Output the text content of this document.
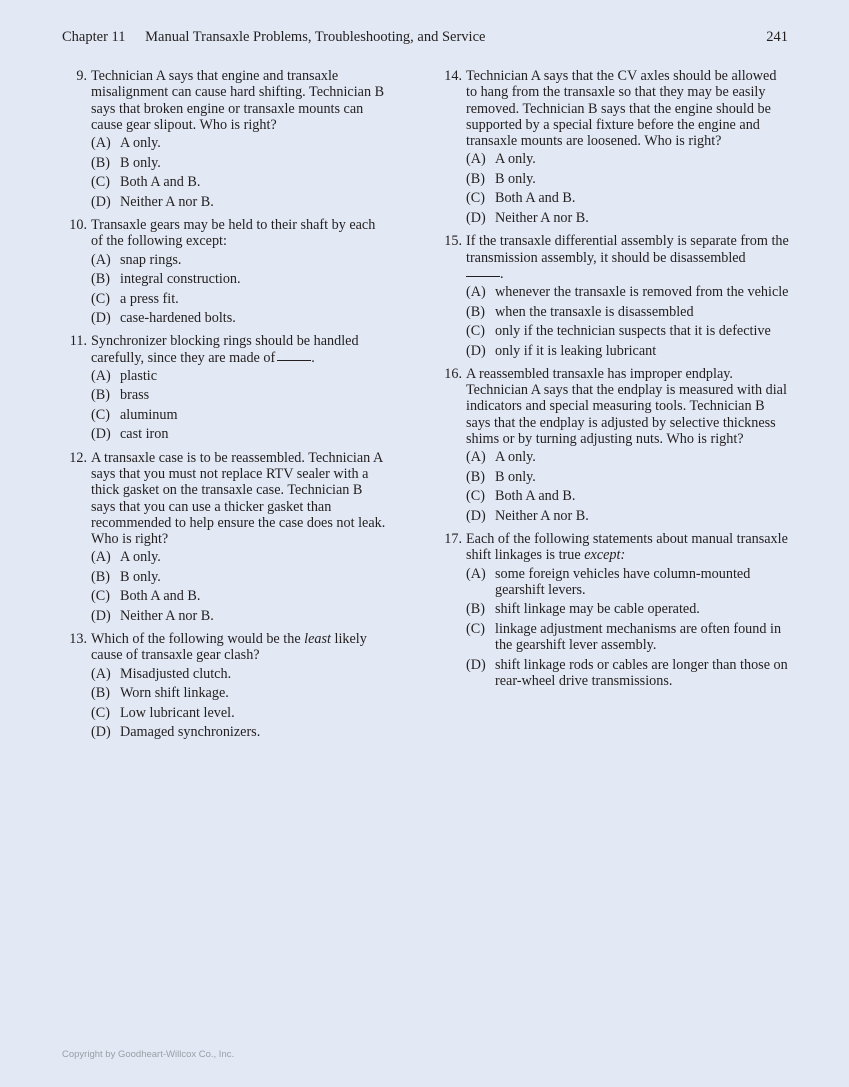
Chapter 11 Manual Transaxle Problems, Troubleshooting, and Service	241
9. Technician A says that engine and transaxle misalignment can cause hard shifting. Technician B says that broken engine or transaxle mounts can cause gear slipout. Who is right?
(A) A only.
(B) B only.
(C) Both A and B.
(D) Neither A nor B.
10. Transaxle gears may be held to their shaft by each of the following except:
(A) snap rings.
(B) integral construction.
(C) a press fit.
(D) case-hardened bolts.
11. Synchronizer blocking rings should be handled carefully, since they are made of	.
(A) plastic
(B) brass
(C) aluminum
(D) cast iron
12. A transaxle case is to be reassembled. Technician A says that you must not replace RTV sealer with a thick gasket on the transaxle case. Technician B says that you can use a thicker gasket than recommended to help ensure the case does not leak. Who is right?
(A) A only.
(B) B only.
(C) Both A and B.
(D) Neither A nor B.
13. Which of the following would be the least likely cause of transaxle gear clash?
(A) Misadjusted clutch.
(B) Worn shift linkage.
(C) Low lubricant level.
(D) Damaged synchronizers.
14. Technician A says that the CV axles should be allowed to hang from the transaxle so that they may be easily removed. Technician B says that the engine should be supported by a special fixture before the engine and transaxle mounts are loosened. Who is right?
(A) A only.
(B) B only.
(C) Both A and B.
(D) Neither A nor B.
15. If the transaxle differential assembly is separate from the transmission assembly, it should be disassembled
.
(A) whenever the transaxle is removed from the vehicle
(B) when the transaxle is disassembled
(C) only if the technician suspects that it is defective
(D) only if it is leaking lubricant
16. A reassembled transaxle has improper endplay. Technician A says that the endplay is measured with dial indicators and special measuring tools. Technician B says that the endplay is adjusted by selective thickness shims or by turning adjusting nuts. Who is right?
(A) A only.
(B) B only.
(C) Both A and B.
(D) Neither A nor B.
17. Each of the following statements about manual transaxle shift linkages is true except:
(A) some foreign vehicles have column-mounted gearshift levers.
(B) shift linkage may be cable operated.
(C) linkage adjustment mechanisms are often found in the gearshift lever assembly.
(D) shift linkage rods or cables are longer than those on rear-wheel drive transmissions.
Copyright by Goodheart-Willcox Co., Inc.
